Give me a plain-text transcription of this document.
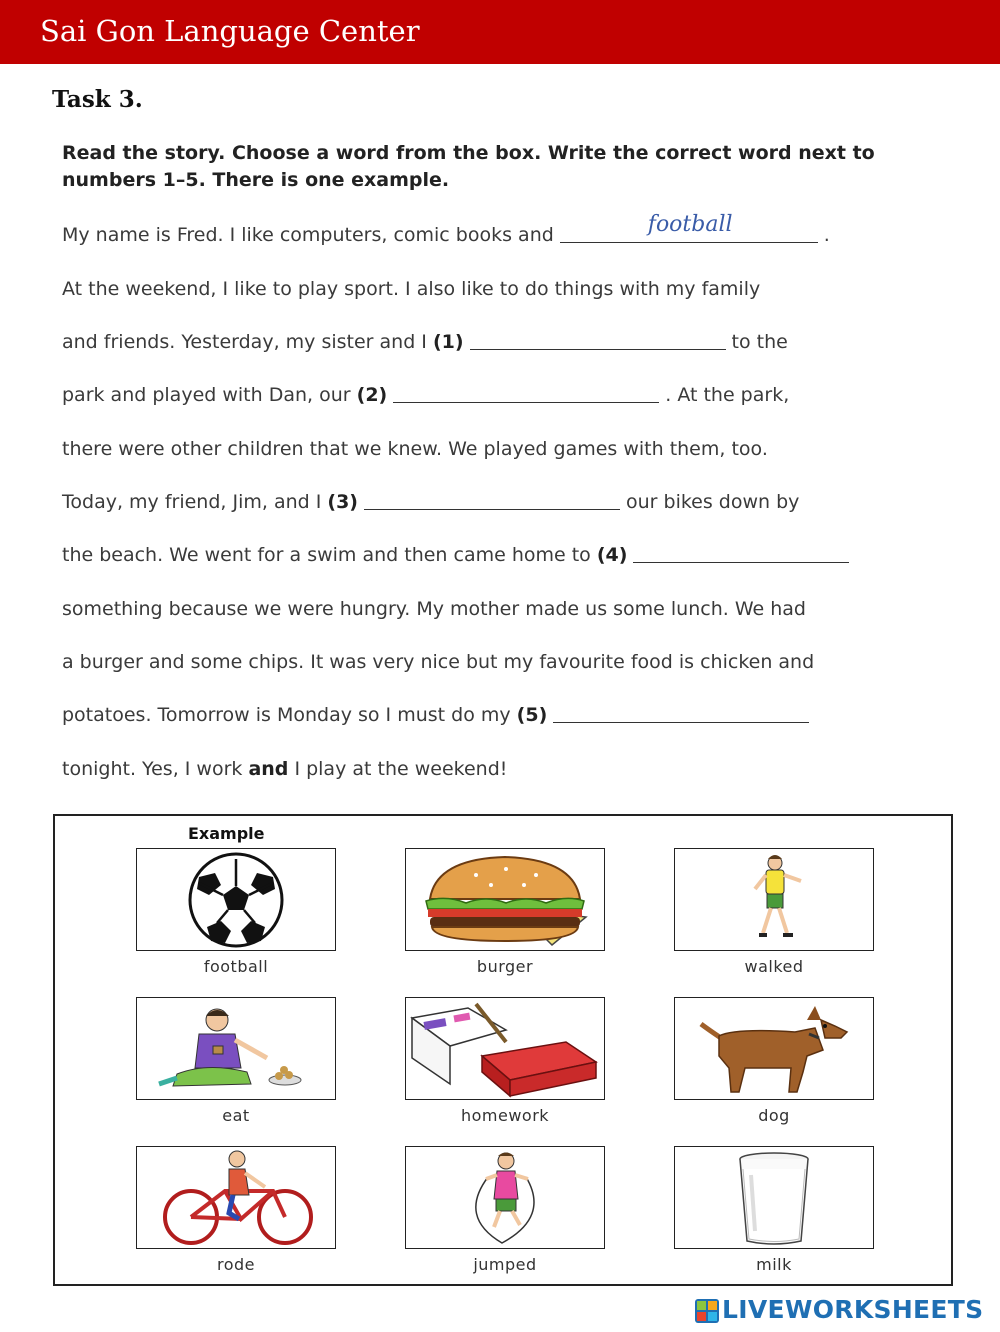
Sai Gon Language Center
Task 3.
Read the story. Choose a word from the box. Write the correct word next to numbers 1–5. There is one example.
My name is Fred. I like computers, comic books and	football	.
At the weekend, I like to play sport. I also like to do things with my family
and friends. Yesterday, my sister and I (1)	to the
park and played with Dan, our (2)	. At the park,
there were other children that we knew. We played games with them, too.
Today, my friend, Jim, and I (3)	our bikes down by
the beach. We went for a swim and then came home to (4)
something because we were hungry. My mother made us some lunch. We had
a burger and some chips. It was very nice but my favourite food is chicken and
potatoes. Tomorrow is Monday so I must do my (5)
tonight. Yes, I work and I play at the weekend!
Example
football	burger	walked
eat	homework	dog
rode	jumped	milk
LIVEWORKSHEETS
